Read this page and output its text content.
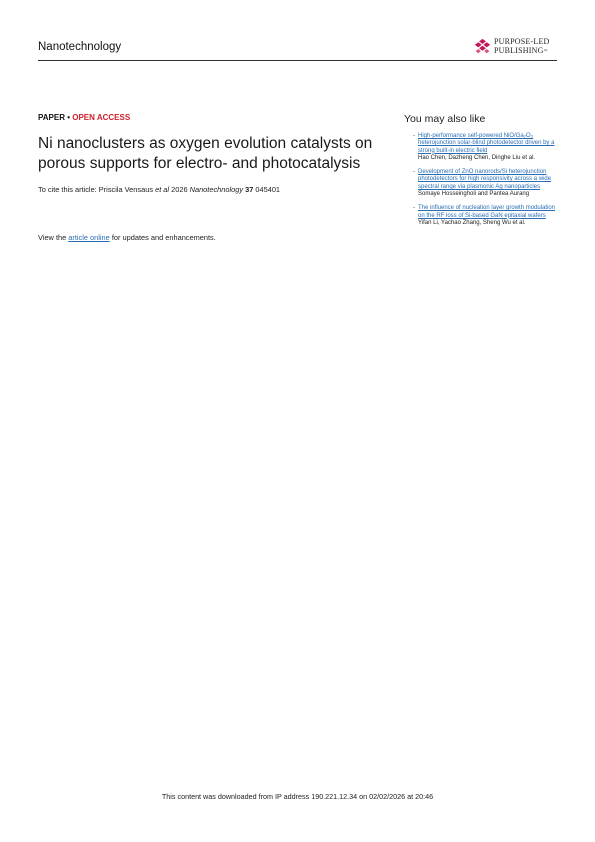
Nanotechnology	PURPOSE-LED
PUBLISHING™
PAPER • OPEN ACCESS
Ni nanoclusters as oxygen evolution catalysts on porous supports for electro- and photocatalysis
To cite this article: Priscila Vensaus et al 2026 Nanotechnology 37 045401
View the article online for updates and enhancements.
You may also like
- High-performance self-powered NiO/Ga₂O₃ heterojunction solar-blind photodetector driven by a strong built-in electric field
Hao Chen, Dazheng Chen, Dinghe Liu et al.
- Development of ZnO nanorods/Si heterojunction photodetectors for high responsivity across a wide spectral range via plasmonic Ag nanoparticles
Somaye Hosseingholi and Pantea Aurang
- The influence of nucleation layer growth modulation on the RF loss of Si-based GaN epitaxial wafers
Yifan Li, Yachao Zhang, Sheng Wu et al.
This content was downloaded from IP address 190.221.12.34 on 02/02/2026 at 20:46
